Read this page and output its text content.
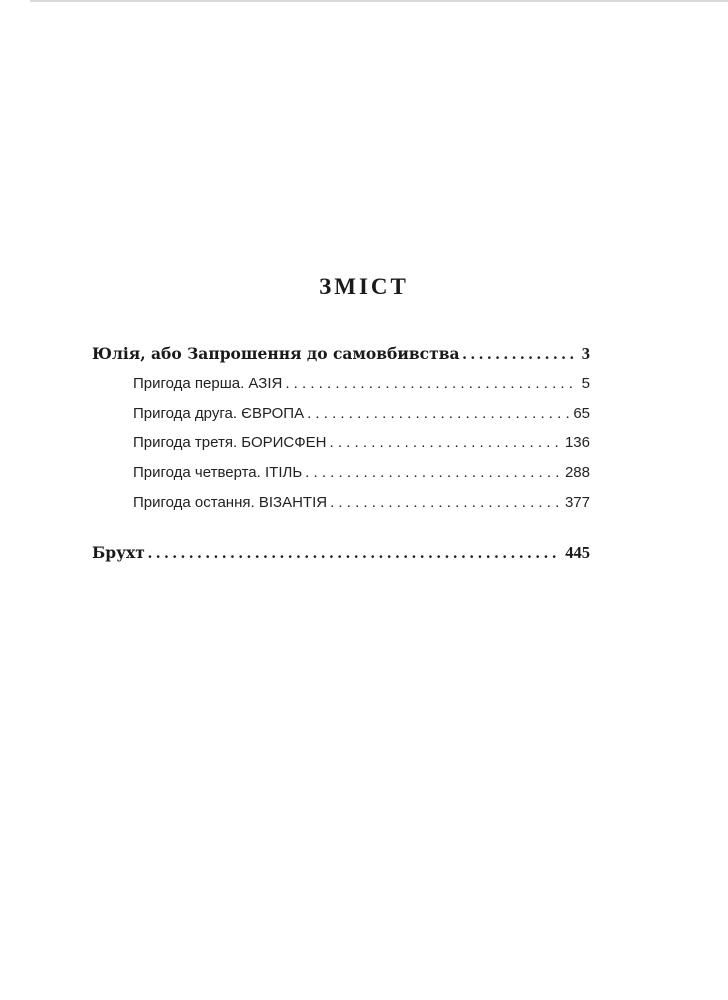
ЗМІСТ
Юлія, або Запрошення до самовбивства . . .	3
Пригода перша. АЗІЯ . . .	5
Пригода друга. ЄВРОПА . . .	65
Пригода третя. БОРИСФЕН . . .	136
Пригода четверта. ІТІЛЬ . . .	288
Пригода остання. ВІЗАНТІЯ . . .	377
Брухт . . .	445
